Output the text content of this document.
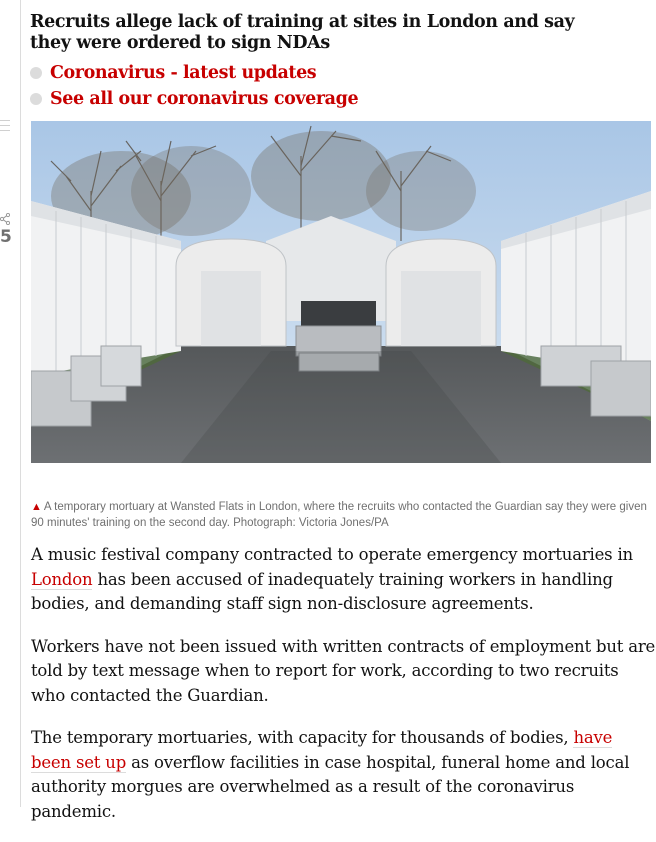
5
Recruits allege lack of training at sites in London and say they were ordered to sign NDAs
Coronavirus - latest updates
See all our coronavirus coverage

▲ A temporary mortuary at Wansted Flats in London, where the recruits who contacted the Guardian say they were given 90 minutes' training on the second day. Photograph: Victoria Jones/PA

A music festival company contracted to operate emergency mortuaries in London has been accused of inadequately training workers in handling bodies, and demanding staff sign non-disclosure agreements.

Workers have not been issued with written contracts of employment but are told by text message when to report for work, according to two recruits who contacted the Guardian.

The temporary mortuaries, with capacity for thousands of bodies, have been set up as overflow facilities in case hospital, funeral home and local authority morgues are overwhelmed as a result of the coronavirus pandemic.
